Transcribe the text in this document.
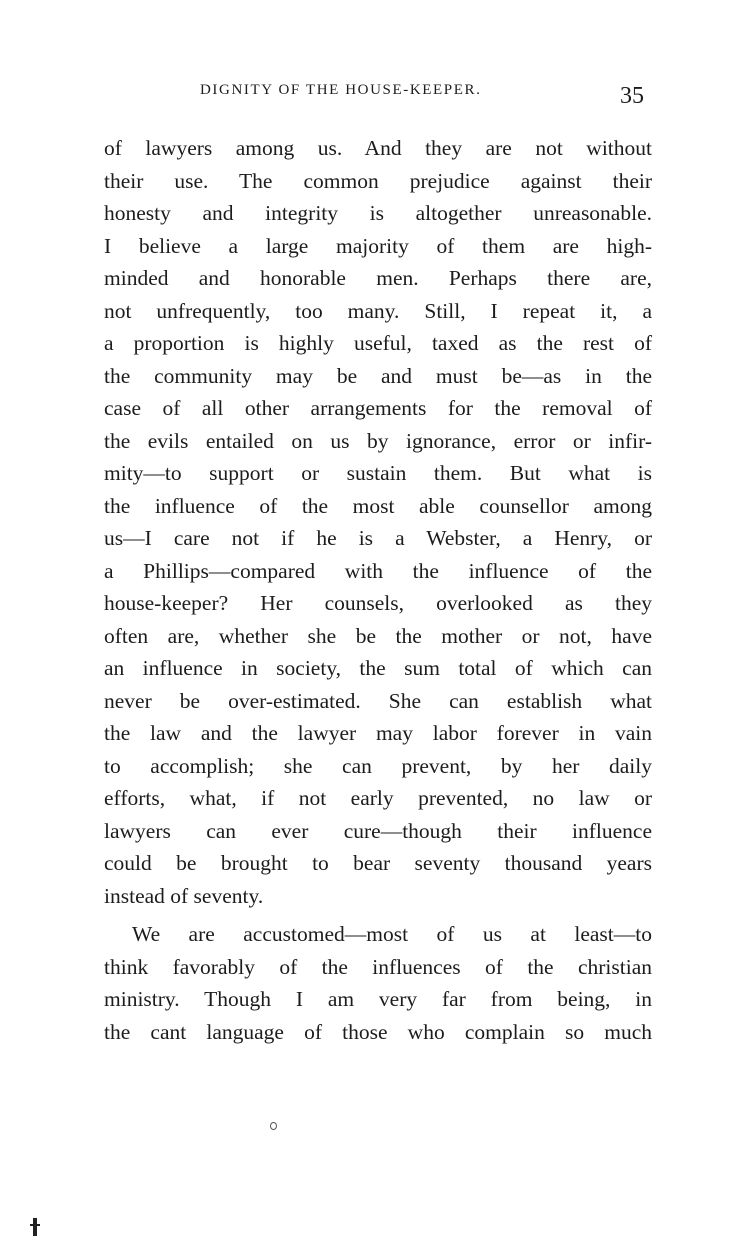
DIGNITY OF THE HOUSE-KEEPER.	35
of lawyers among us. And they are not without
their use. The common prejudice against their
honesty and integrity is altogether unreasonable.
I believe a large majority of them are high-
minded and honorable men. Perhaps there are,
not unfrequently, too many. Still, I repeat it, a
a proportion is highly useful, taxed as the rest of
the community may be and must be—as in the
case of all other arrangements for the removal of
the evils entailed on us by ignorance, error or infir-
mity—to support or sustain them. But what is
the influence of the most able counsellor among
us—I care not if he is a Webster, a Henry, or
a Phillips—compared with the influence of the
house-keeper? Her counsels, overlooked as they
often are, whether she be the mother or not, have
an influence in society, the sum total of which can
never be over-estimated. She can establish what
the law and the lawyer may labor forever in vain
to accomplish; she can prevent, by her daily
efforts, what, if not early prevented, no law or
lawyers can ever cure—though their influence
could be brought to bear seventy thousand years
instead of seventy.
We are accustomed—most of us at least—to
think favorably of the influences of the christian
ministry. Though I am very far from being, in
the cant language of those who complain so much
